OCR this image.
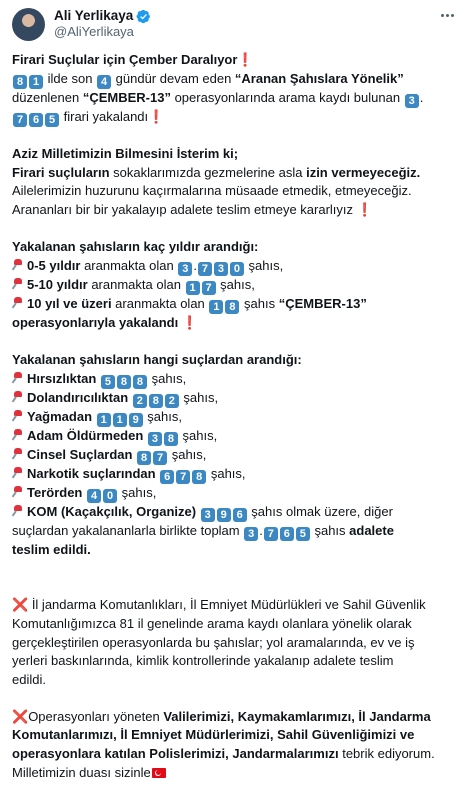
Ali Yerlikaya
@AliYerlikaya
Firari Suçlular için Çember Daralıyor❗
8 1 ilde son 4 gündür devam eden “Aranan Şahıslara Yönelik”
düzenlenen “ÇEMBER-13” operasyonlarında arama kaydı bulunan 3 .
7 6 5 firari yakalandı❗
Aziz Milletimizin Bilmesini İsterim ki;
Firari suçluların sokaklarımızda gezmelerine asla izin vermeyeceğiz.
Ailelerimizin huzurunu kaçırmalarına müsaade etmedik, etmeyeceğiz.
Arananları bir bir yakalayıp adalete teslim etmeye kararlıyız ❗
Yakalanan şahısların kaç yıldır arandığı:
0-5 yıldır aranmakta olan 3 . 7 3 0 şahıs,
5-10 yıldır aranmakta olan 1 7 şahıs,
10 yıl ve üzeri aranmakta olan 1 8 şahıs “ÇEMBER-13”
operasyonlarıyla yakalandı ❗
Yakalanan şahısların hangi suçlardan arandığı:
Hırsızlıktan 5 8 8 şahıs,
Dolandırıcılıktan 2 8 2 şahıs,
Yağmadan 1 1 9 şahıs,
Adam Öldürmeden 3 8 şahıs,
Cinsel Suçlardan 8 7 şahıs,
Narkotik suçlarından 6 7 8 şahıs,
Terörden 4 0 şahıs,
KOM (Kaçakçılık, Organize) 3 9 6 şahıs olmak üzere, diğer
suçlardan yakalananlarla birlikte toplam 3 . 7 6 5 şahıs adalete
teslim edildi.
❌ İl jandarma Komutanlıkları, İl Emniyet Müdürlükleri ve Sahil Güvenlik
Komutanlığımızca 81 il genelinde arama kaydı olanlara yönelik olarak
gerçekleştirilen operasyonlarda bu şahıslar; yol aramalarında, ev ve iş
yerleri baskınlarında, kimlik kontrollerinde yakalanıp adalete teslim
edildi.
❌Operasyonları yöneten Valilerimizi, Kaymakamlarımızı, İl Jandarma
Komutanlarımızı, İl Emniyet Müdürlerimizi, Sahil Güvenliğimizi ve
operasyonlara katılan Polislerimizi, Jandarmalarımızı tebrik ediyorum.
Milletimizin duası sizinle
